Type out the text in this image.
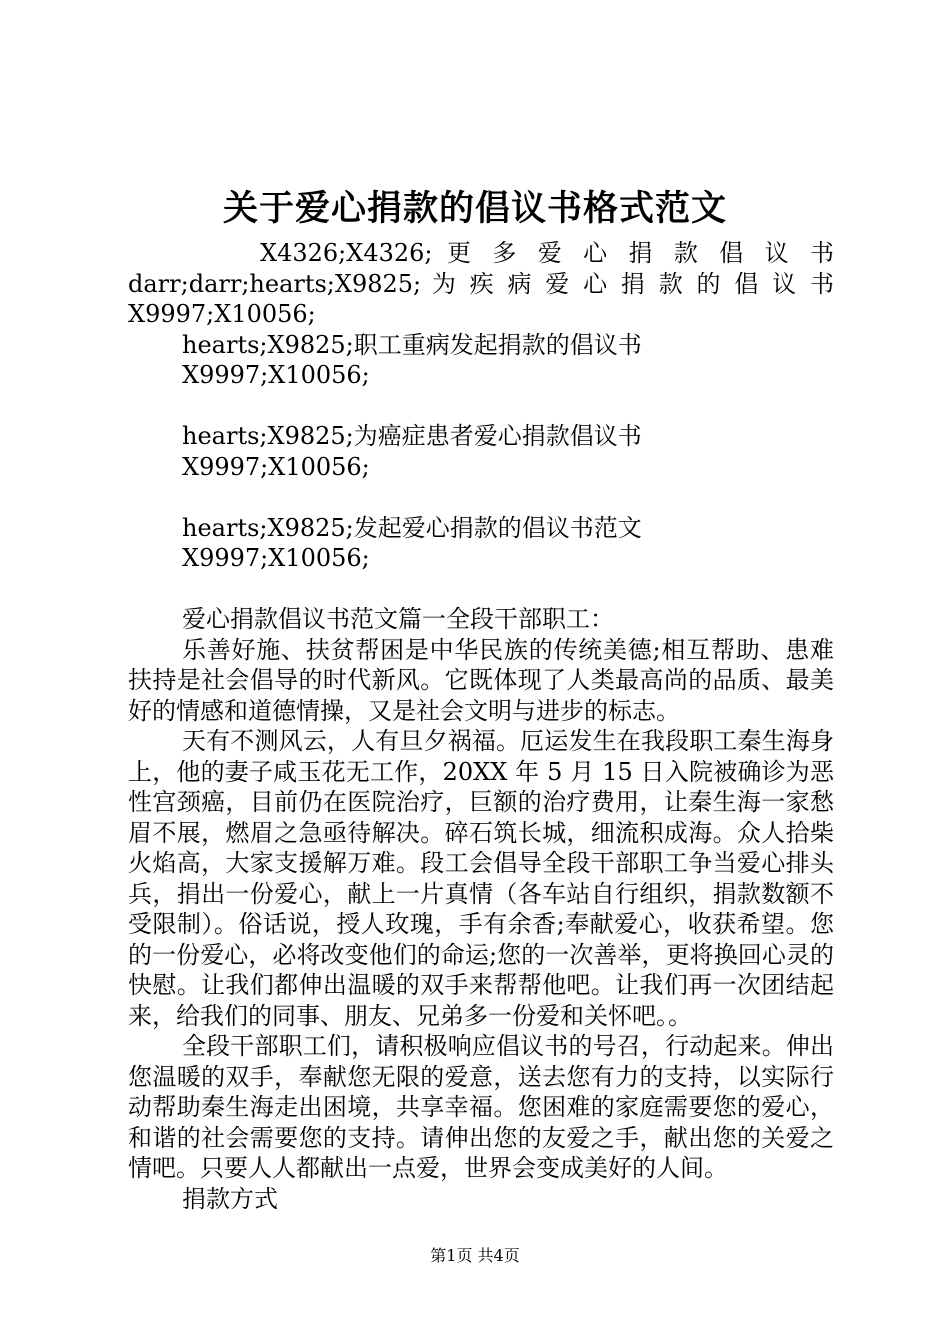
关于爱心捐款的倡议书格式范文

X4326;X4326; 更 多 爱 心 捐 款 倡 议 书

darr;darr;hearts;X9825; 为 疾 病 爱 心 捐 款 的 倡 议 书

X9997;X10056;

hearts;X9825;职工重病发起捐款的倡议书 X9997;X10056;

hearts;X9825;为癌症患者爱心捐款倡议书 X9997;X10056;

hearts;X9825;发起爱心捐款的倡议书范文 X9997;X10056;

爱心捐款倡议书范文篇一全段干部职工：

乐善好施、扶贫帮困是中华民族的传统美德;相互帮助、患难扶持是社会倡导的时代新风。它既体现了人类最高尚的品质、最美好的情感和道德情操，又是社会文明与进步的标志。

天有不测风云，人有旦夕祸福。厄运发生在我段职工秦生海身上，他的妻子咸玉花无工作，20XX 年 5 月 15 日入院被确诊为恶性宫颈癌，目前仍在医院治疗，巨额的治疗费用，让秦生海一家愁眉不展，燃眉之急亟待解决。碎石筑长城，细流积成海。众人拾柴火焰高，大家支援解万难。段工会倡导全段干部职工争当爱心排头兵，捐出一份爱心，献上一片真情（各车站自行组织，捐款数额不受限制）。俗话说，授人玫瑰，手有余香;奉献爱心，收获希望。您的一份爱心，必将改变他们的命运;您的一次善举，更将换回心灵的快慰。让我们都伸出温暖的双手来帮帮他吧。让我们再一次团结起来，给我们的同事、朋友、兄弟多一份爱和关怀吧。。

全段干部职工们，请积极响应倡议书的号召，行动起来。伸出您温暖的双手，奉献您无限的爱意，送去您有力的支持，以实际行动帮助秦生海走出困境，共享幸福。您困难的家庭需要您的爱心，和谐的社会需要您的支持。请伸出您的友爱之手，献出您的关爱之情吧。只要人人都献出一点爱，世界会变成美好的人间。

捐款方式

第1页 共4页
